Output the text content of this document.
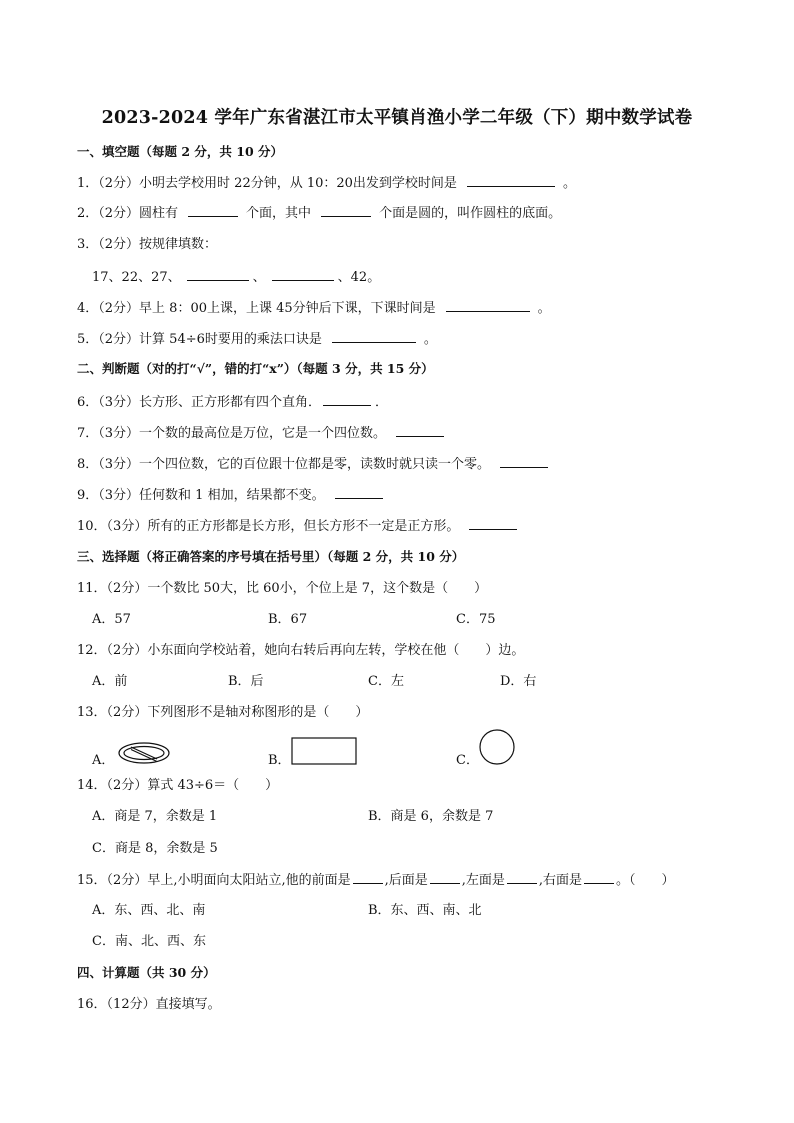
2023-2024 学年广东省湛江市太平镇肖渔小学二年级（下）期中数学试卷
一、填空题（每题 2 分，共 10 分）
1．（2分）小明去学校用时 22分钟，从 10：20出发到学校时间是	。
2．（2分）圆柱有	个面，其中	个面是圆的，叫作圆柱的底面。
3．（2分）按规律填数：
17、22、27、	、	、42。
4．（2分）早上 8：00上课，上课 45分钟后下课，下课时间是	。
5．（2分）计算 54÷6时要用的乘法口诀是	。
二、判断题（对的打“√”，错的打“x”）（每题 3 分，共 15 分）
6．（3分）长方形、正方形都有四个直角．	．
7．（3分）一个数的最高位是万位，它是一个四位数。
8．（3分）一个四位数，它的百位跟十位都是零，读数时就只读一个零。
9．（3分）任何数和 1 相加，结果都不变。
10．（3分）所有的正方形都是长方形，但长方形不一定是正方形。
三、选择题（将正确答案的序号填在括号里）（每题 2 分，共 10 分）
11．（2分）一个数比 50大，比 60小，个位上是 7，这个数是（　　）
A．57	B．67	C．75
12．（2分）小东面向学校站着，她向右转后再向左转，学校在他（　　）边。
A．前	B．后	C．左	D．右
13．（2分）下列图形不是轴对称图形的是（　　）
A．	B．	C．
14．（2分）算式 43÷6＝（　　）
A．商是 7，余数是 1	B．商是 6，余数是 7
C．商是 8，余数是 5
15．（2分）早上,小明面向太阳站立,他的前面是	,后面是	,左面是	,右面是	。（　　）
A．东、西、北、南	B．东、西、南、北
C．南、北、西、东
四、计算题（共 30 分）
16．（12分）直接填写。
